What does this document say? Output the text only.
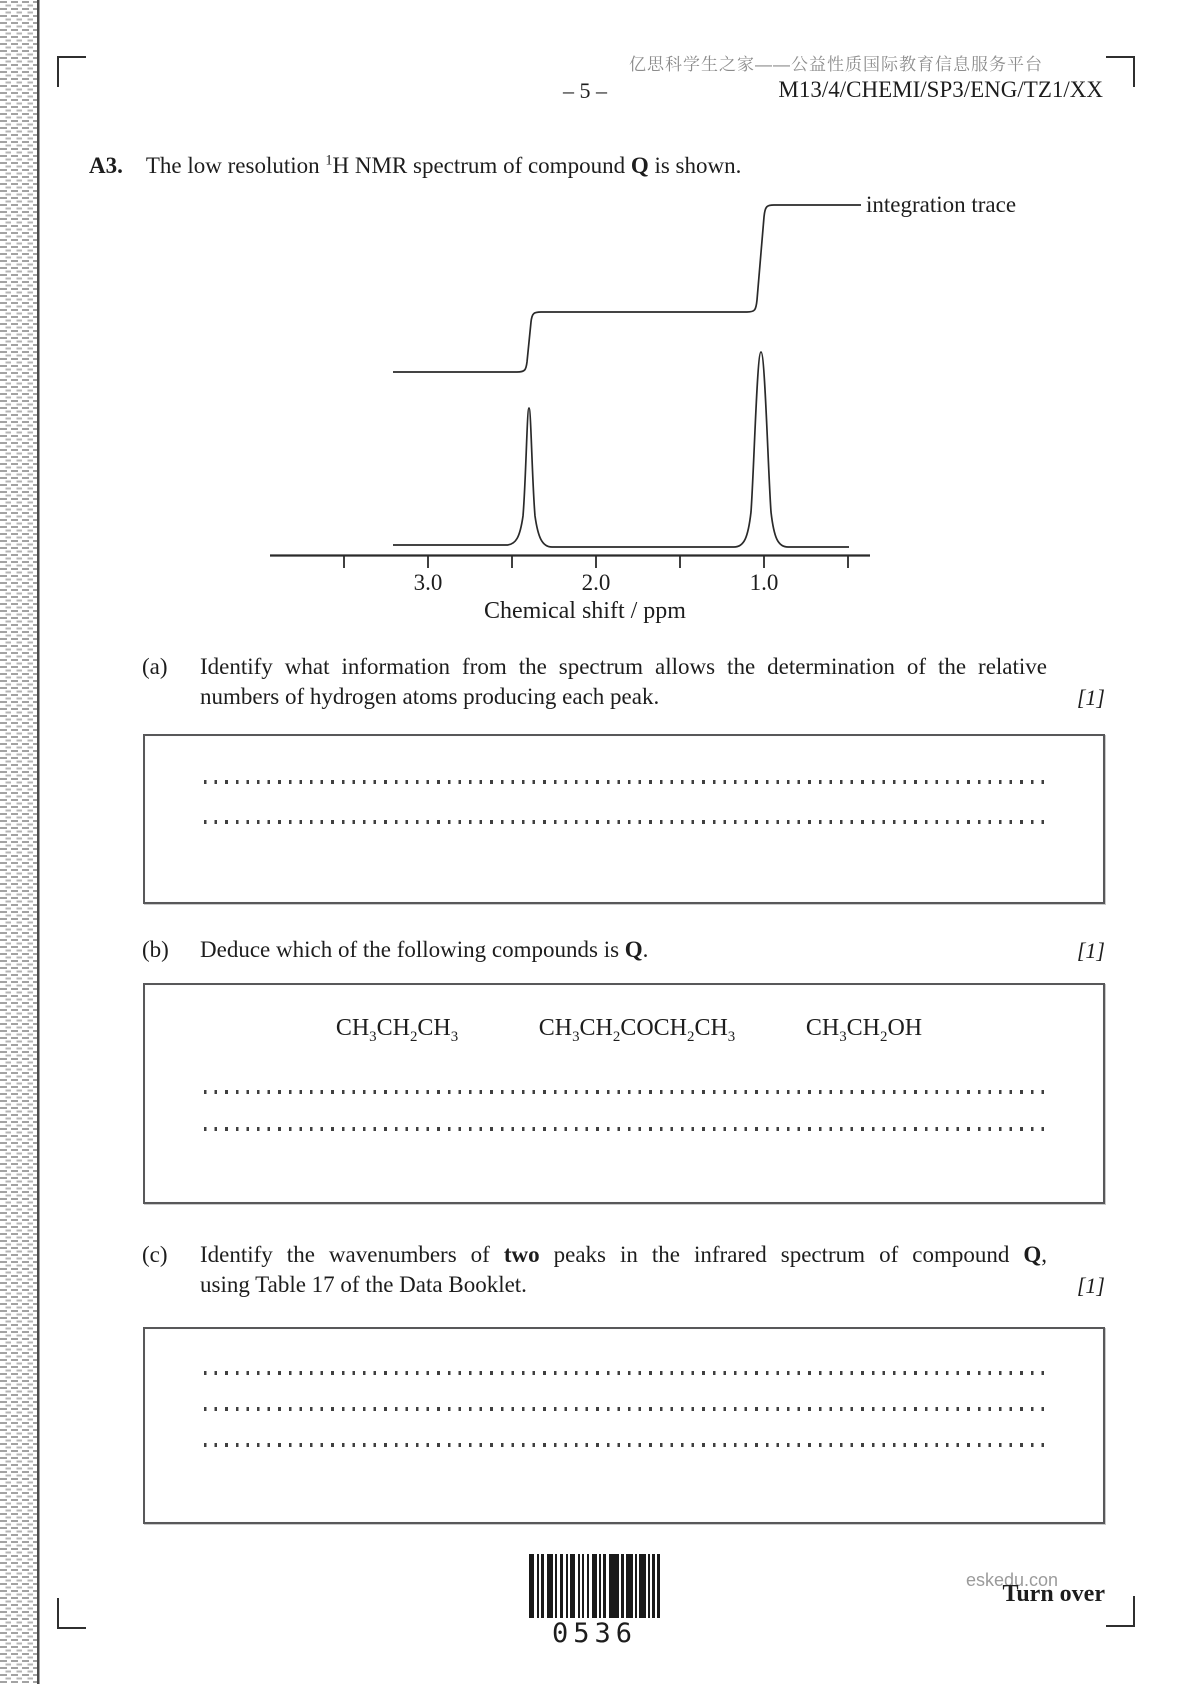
亿思科学生之家——公益性质国际教育信息服务平台
– 5 –	M13/4/CHEMI/SP3/ENG/TZ1/XX
A3. The low resolution $^1$H NMR spectrum of compound Q is shown.
integration trace
3.0	2.0	1.0
Chemical shift / ppm
(a) Identify what information from the spectrum allows the determination of the relative
numbers of hydrogen atoms producing each peak.	[1]
(b) Deduce which of the following compounds is Q.	[1]
$CH_3CH_2CH_3$	$CH_3CH_2COCH_2CH_3$	$CH_3CH_2OH$
(c) Identify the wavenumbers of two peaks in the infrared spectrum of compound Q,
using Table 17 of the Data Booklet.	[1]
0536
eskedu.con
Turn over
